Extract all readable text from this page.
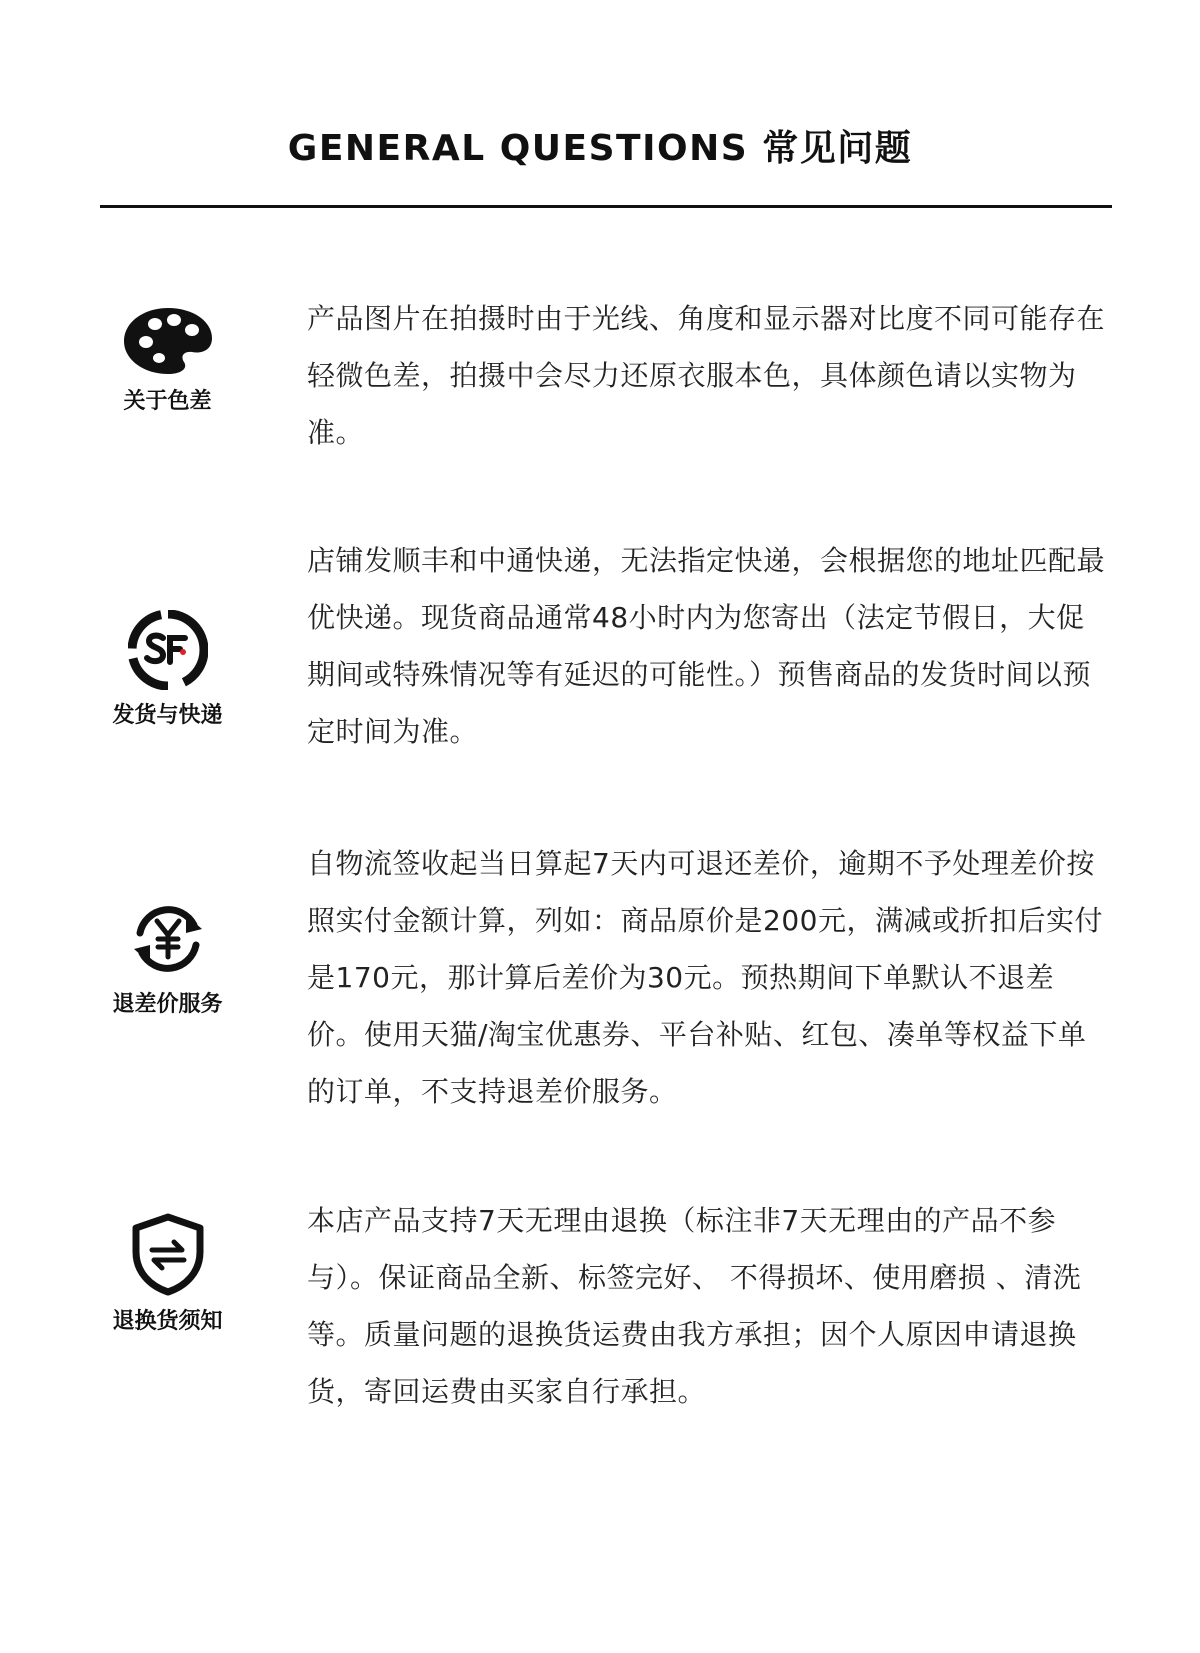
GENERAL QUESTIONS 常见问题
关于色差

产品图片在拍摄时由于光线、角度和显示器对比度不同可能存在轻微色差，拍摄中会尽力还原衣服本色，具体颜色请以实物为准。

发货与快递

店铺发顺丰和中通快递，无法指定快递，会根据您的地址匹配最优快递。现货商品通常48小时内为您寄出（法定节假日，大促期间或特殊情况等有延迟的可能性。）预售商品的发货时间以预定时间为准。

退差价服务

自物流签收起当日算起7天内可退还差价，逾期不予处理差价按照实付金额计算，列如：商品原价是200元，满减或折扣后实付是170元，那计算后差价为30元。预热期间下单默认不退差价。使用天猫/淘宝优惠券、平台补贴、红包、凑单等权益下单的订单，不支持退差价服务。

退换货须知

本店产品支持7天无理由退换（标注非7天无理由的产品不参与）。保证商品全新、标签完好、 不得损坏、使用磨损 、清洗等。质量问题的退换货运费由我方承担；因个人原因申请退换货，寄回运费由买家自行承担。
